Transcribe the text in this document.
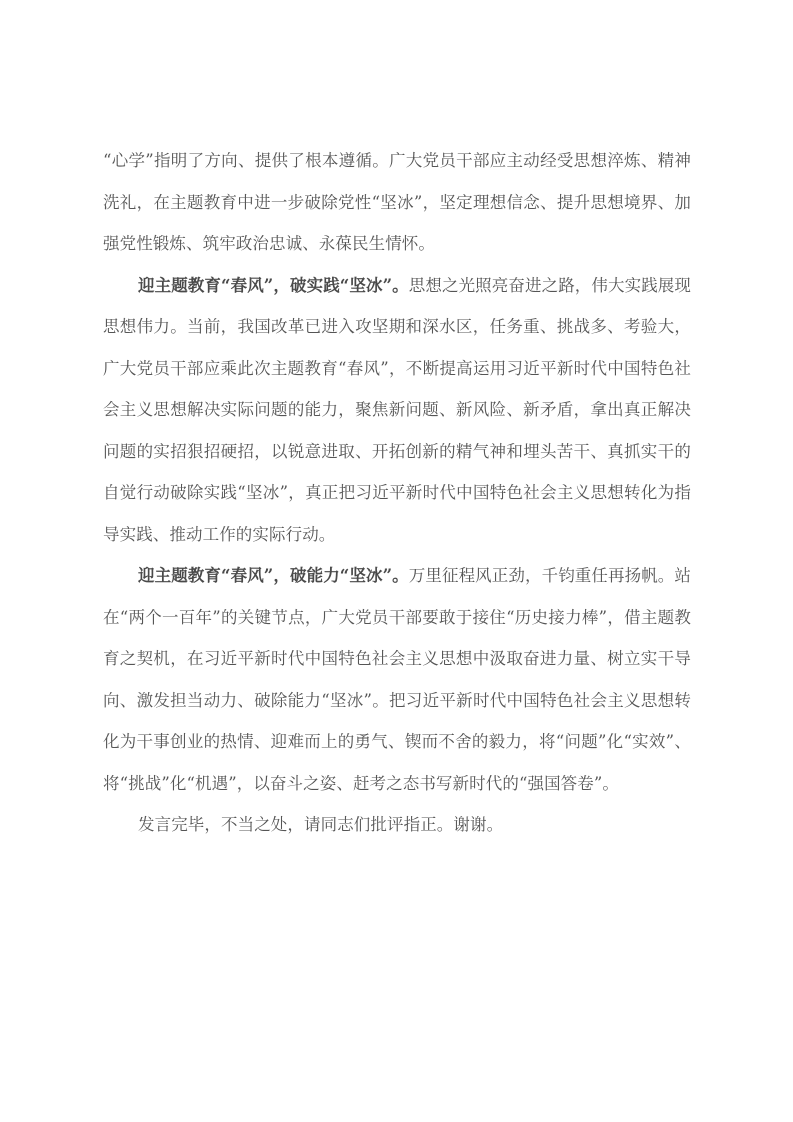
“心学”指明了方向、提供了根本遵循。广大党员干部应主动经受思想淬炼、精神洗礼，在主题教育中进一步破除党性“坚冰”，坚定理想信念、提升思想境界、加强党性锻炼、筑牢政治忠诚、永葆民生情怀。

迎主题教育“春风”，破实践“坚冰”。思想之光照亮奋进之路，伟大实践展现思想伟力。当前，我国改革已进入攻坚期和深水区，任务重、挑战多、考验大，广大党员干部应乘此次主题教育“春风”，不断提高运用习近平新时代中国特色社会主义思想解决实际问题的能力，聚焦新问题、新风险、新矛盾，拿出真正解决问题的实招狠招硬招，以锐意进取、开拓创新的精气神和埋头苦干、真抓实干的自觉行动破除实践“坚冰”，真正把习近平新时代中国特色社会主义思想转化为指导实践、推动工作的实际行动。

迎主题教育“春风”，破能力“坚冰”。万里征程风正劲，千钧重任再扬帆。站在“两个一百年”的关键节点，广大党员干部要敢于接住“历史接力棒”，借主题教育之契机，在习近平新时代中国特色社会主义思想中汲取奋进力量、树立实干导向、激发担当动力、破除能力“坚冰”。把习近平新时代中国特色社会主义思想转化为干事创业的热情、迎难而上的勇气、锲而不舍的毅力，将“问题”化“实效”、将“挑战”化“机遇”，以奋斗之姿、赶考之态书写新时代的“强国答卷”。

发言完毕，不当之处，请同志们批评指正。谢谢。
